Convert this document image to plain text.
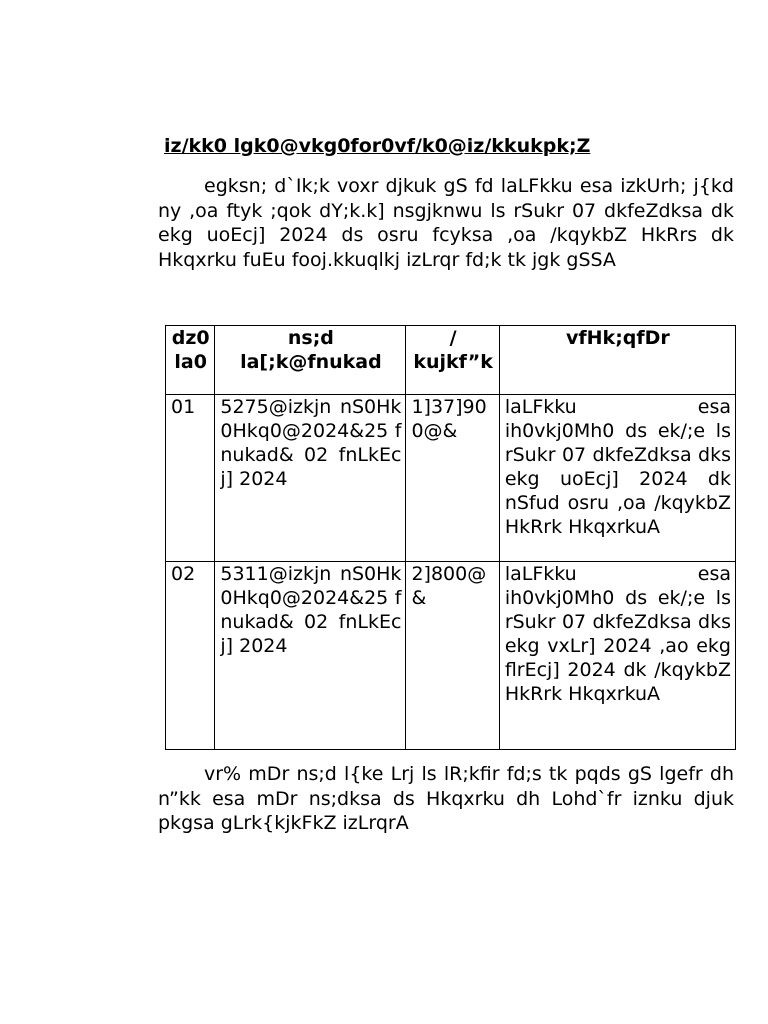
iz/kk0 lgk0@vkg0for0vf/k0@iz/kkukpk;Z

egksn; d`Ik;k voxr djkuk gS fd laLFkku esa izkUrh; j{kd ny ,oa ftyk ;qok dY;k.k] nsgjknwu ls rSukr 07 dkfeZdksa dk ekg uoEcj] 2024 ds osru fcyksa ,oa /kqykbZ HkRrs dk Hkqxrku fuEu fooj.kkuqlkj izLrqr fd;k tk jgk gSSA

dz0 la0	ns;d la[;k@fnukad	/ kujkf”k	vfHk;qfDr
01	5275@izkjn nS0Hk0Hkq0@2024&25 fnukad& 02 fnLkEcj] 2024	1]37]900@&	laLFkku esa ih0vkj0Mh0 ds ek/;e ls rSukr 07 dkfeZdksa dks ekg uoEcj] 2024 dk nSfud osru ,oa /kqykbZ HkRrk HkqxrkuA
02	5311@izkjn nS0Hk0Hkq0@2024&25 fnukad& 02 fnLkEcj] 2024	2]800@&	laLFkku esa ih0vkj0Mh0 ds ek/;e ls rSukr 07 dkfeZdksa dks ekg vxLr] 2024 ,ao ekg flrEcj] 2024 dk /kqykbZ HkRrk HkqxrkuA

vr% mDr ns;d l{ke Lrj ls lR;kfir fd;s tk pqds gS lgefr dh n”kk esa mDr ns;dksa ds Hkqxrku dh Lohd`fr iznku djuk pkgsa gLrk{kjkFkZ izLrqrA
